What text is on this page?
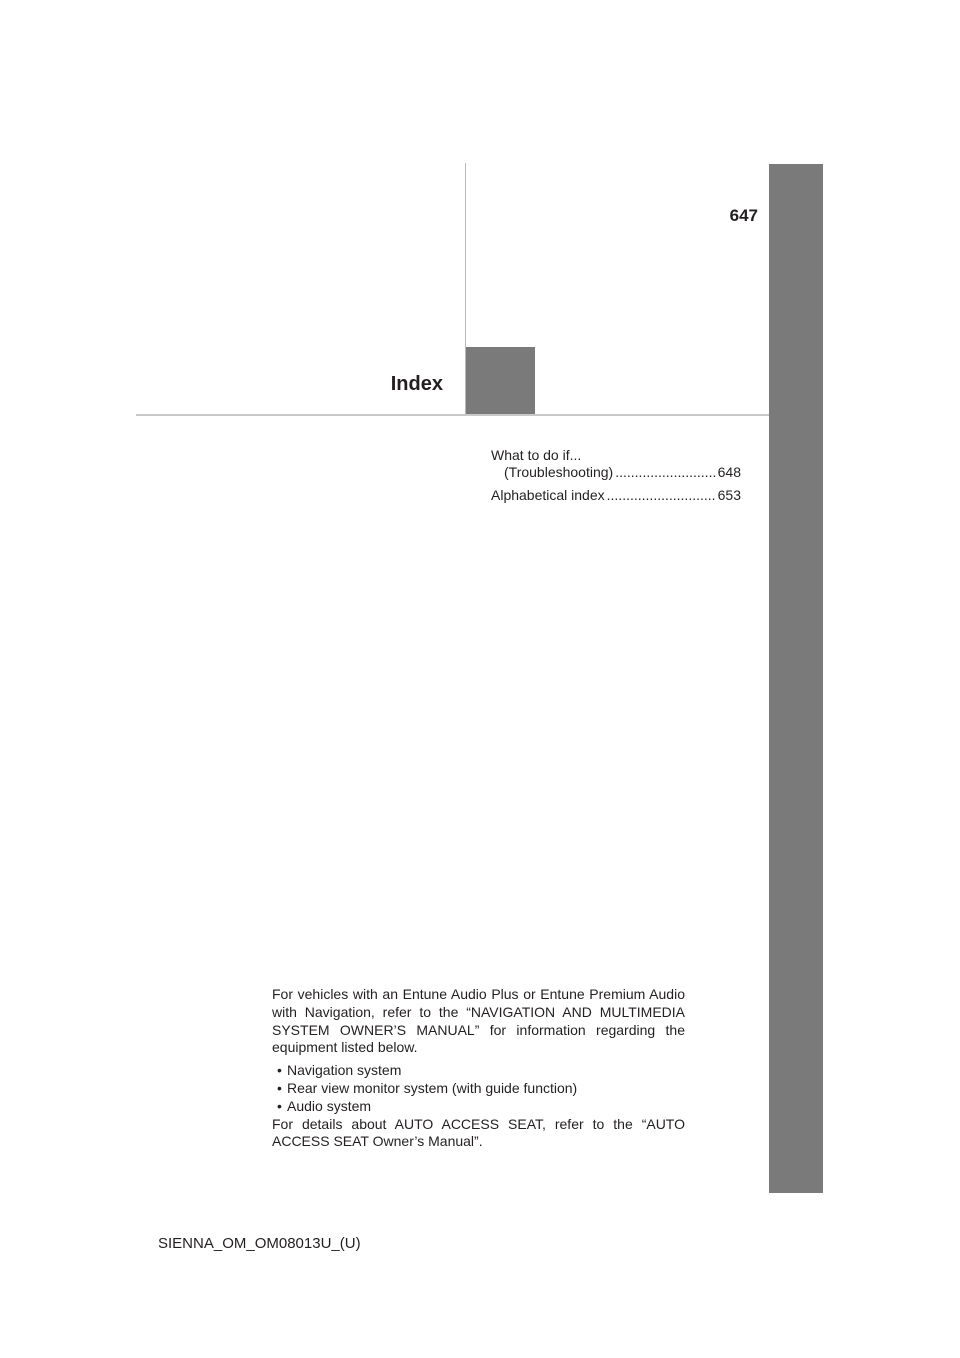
647
Index
What to do if...
(Troubleshooting) .....	648
Alphabetical index .....	653

For vehicles with an Entune Audio Plus or Entune Premium Audio with Navigation, refer to the “NAVIGATION AND MULTIMEDIA SYSTEM OWNER’S MANUAL” for information regarding the equipment listed below.

• Navigation system
• Rear view monitor system (with guide function)
• Audio system

For details about AUTO ACCESS SEAT, refer to the “AUTO ACCESS SEAT Owner’s Manual”.

SIENNA_OM_OM08013U_(U)
